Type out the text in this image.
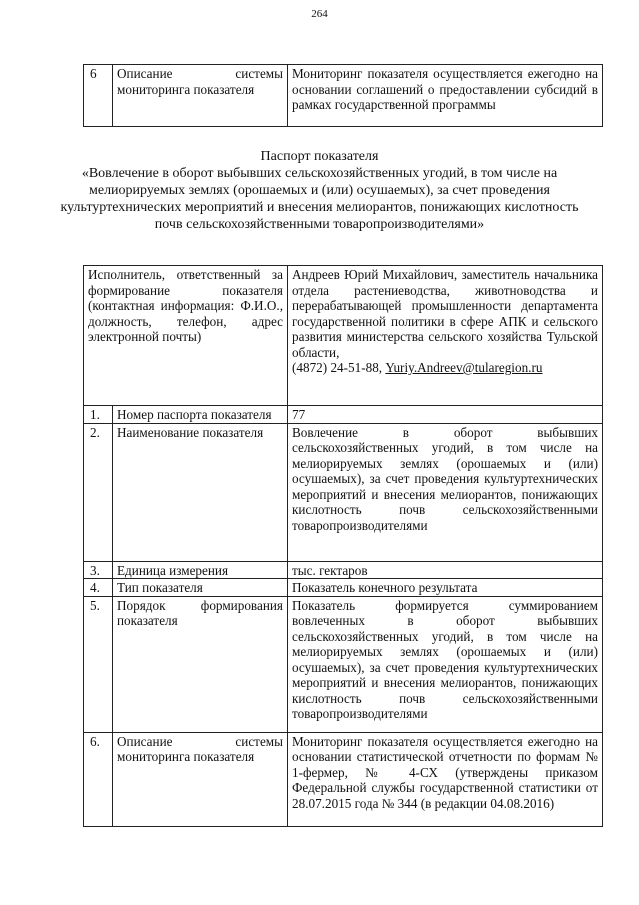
264
6	Описание системы мониторинга показателя	Мониторинг показателя осуществляется ежегодно на основании соглашений о предоставлении субсидий в рамках государственной программы
Паспорт показателя
«Вовлечение в оборот выбывших сельскохозяйственных угодий, в том числе на мелиорируемых землях (орошаемых и (или) осушаемых), за счет проведения культуртехнических мероприятий и внесения мелиорантов, понижающих кислотность почв сельскохозяйственными товаропроизводителями»
Исполнитель, ответственный за формирование показателя (контактная информация: Ф.И.О., должность, телефон, адрес электронной почты)		Андреев Юрий Михайлович, заместитель начальника отдела растениеводства, животноводства и перерабатывающей промышленности департамента государственной политики в сфере АПК и сельского развития министерства сельского хозяйства Тульской области,
(4872) 24-51-88, Yuriy.Andreev@tularegion.ru
1.	Номер паспорта показателя	77
2.	Наименование показателя	Вовлечение в оборот выбывших сельскохозяйственных угодий, в том числе на мелиорируемых землях (орошаемых и (или) осушаемых), за счет проведения культуртехнических мероприятий и внесения мелиорантов, понижающих кислотность почв сельскохозяйственными товаропроизводителями
3.	Единица измерения	тыс. гектаров
4.	Тип показателя	Показатель конечного результата
5.	Порядок формирования показателя	Показатель формируется суммированием вовлеченных в оборот выбывших сельскохозяйственных угодий, в том числе на мелиорируемых землях (орошаемых и (или) осушаемых), за счет проведения культуртехнических мероприятий и внесения мелиорантов, понижающих кислотность почв сельскохозяйственными товаропроизводителями
6.	Описание системы мониторинга показателя	Мониторинг показателя осуществляется ежегодно на основании статистической отчетности по формам № 1-фермер, № 4-СХ (утверждены приказом Федеральной службы государственной статистики от 28.07.2015 года № 344 (в редакции 04.08.2016)
